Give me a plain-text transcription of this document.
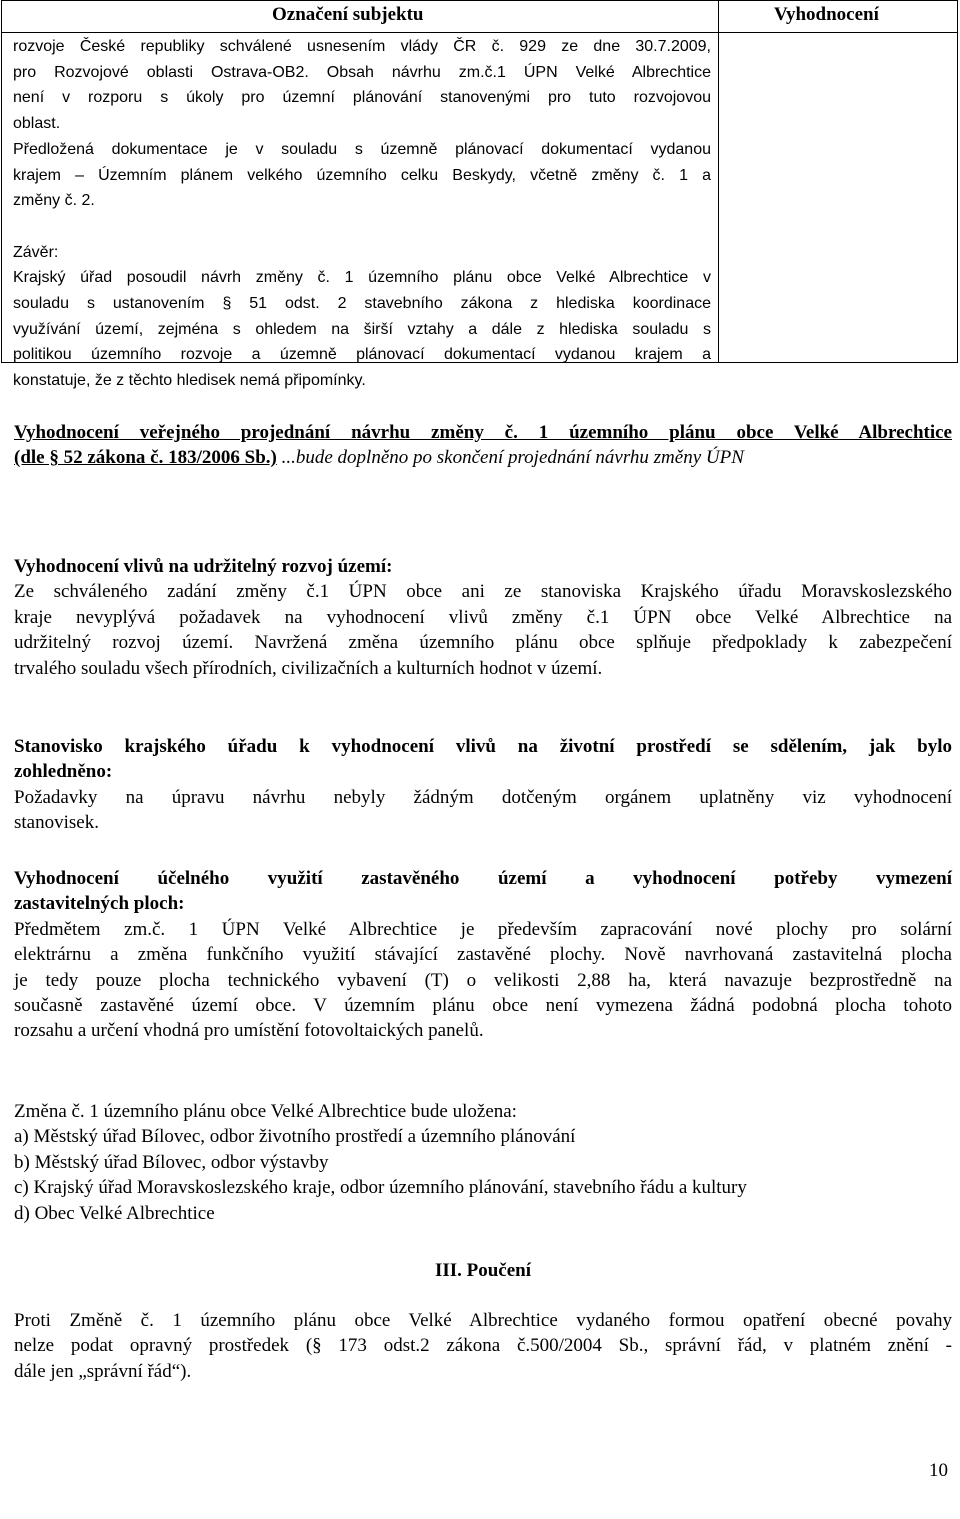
Označení subjektu	Vyhodnocení
rozvoje České republiky schválené usnesením vlády ČR č. 929 ze dne 30.7.2009,
pro Rozvojové oblasti Ostrava-OB2. Obsah návrhu zm.č.1 ÚPN Velké Albrechtice
není v rozporu s úkoly pro územní plánování stanovenými pro tuto rozvojovou
oblast.
Předložená dokumentace je v souladu s územně plánovací dokumentací vydanou
krajem – Územním plánem velkého územního celku Beskydy, včetně změny č. 1 a
změny č. 2.
Závěr:
Krajský úřad posoudil návrh změny č. 1 územního plánu obce Velké Albrechtice v
souladu s ustanovením § 51 odst. 2 stavebního zákona z hlediska koordinace
využívání území, zejména s ohledem na širší vztahy a dále z hlediska souladu s
politikou územního rozvoje a územně plánovací dokumentací vydanou krajem a
konstatuje, že z těchto hledisek nemá připomínky.
Vyhodnocení veřejného projednání návrhu změny č. 1 územního plánu obce Velké Albrechtice
(dle § 52 zákona č. 183/2006 Sb.) ...bude doplněno po skončení projednání návrhu změny ÚPN
Vyhodnocení vlivů na udržitelný rozvoj území:
Ze schváleného zadání změny č.1 ÚPN obce ani ze stanoviska Krajského úřadu Moravskoslezského
kraje nevyplývá požadavek na vyhodnocení vlivů změny č.1 ÚPN obce Velké Albrechtice na
udržitelný rozvoj území. Navržená změna územního plánu obce splňuje předpoklady k zabezpečení
trvalého souladu všech přírodních, civilizačních a kulturních hodnot v území.
Stanovisko krajského úřadu k vyhodnocení vlivů na životní prostředí se sdělením, jak bylo
zohledněno:
Požadavky na úpravu návrhu nebyly žádným dotčeným orgánem uplatněny viz vyhodnocení
stanovisek.
Vyhodnocení účelného využití zastavěného území a vyhodnocení potřeby vymezení
zastavitelných ploch:
Předmětem zm.č. 1 ÚPN Velké Albrechtice je především zapracování nové plochy pro solární
elektrárnu a změna funkčního využití stávající zastavěné plochy. Nově navrhovaná zastavitelná plocha
je tedy pouze plocha technického vybavení (T) o velikosti 2,88 ha, která navazuje bezprostředně na
současně zastavěné území obce. V územním plánu obce není vymezena žádná podobná plocha tohoto
rozsahu a určení vhodná pro umístění fotovoltaických panelů.
Změna č. 1 územního plánu obce Velké Albrechtice bude uložena:
a) Městský úřad Bílovec, odbor životního prostředí a územního plánování
b) Městský úřad Bílovec, odbor výstavby
c) Krajský úřad Moravskoslezského kraje, odbor územního plánování, stavebního řádu a kultury
d) Obec Velké Albrechtice
III. Poučení
Proti Změně č. 1 územního plánu obce Velké Albrechtice vydaného formou opatření obecné povahy
nelze podat opravný prostředek (§ 173 odst.2 zákona č.500/2004 Sb., správní řád, v platném znění -
dále jen „správní řád“).
10
